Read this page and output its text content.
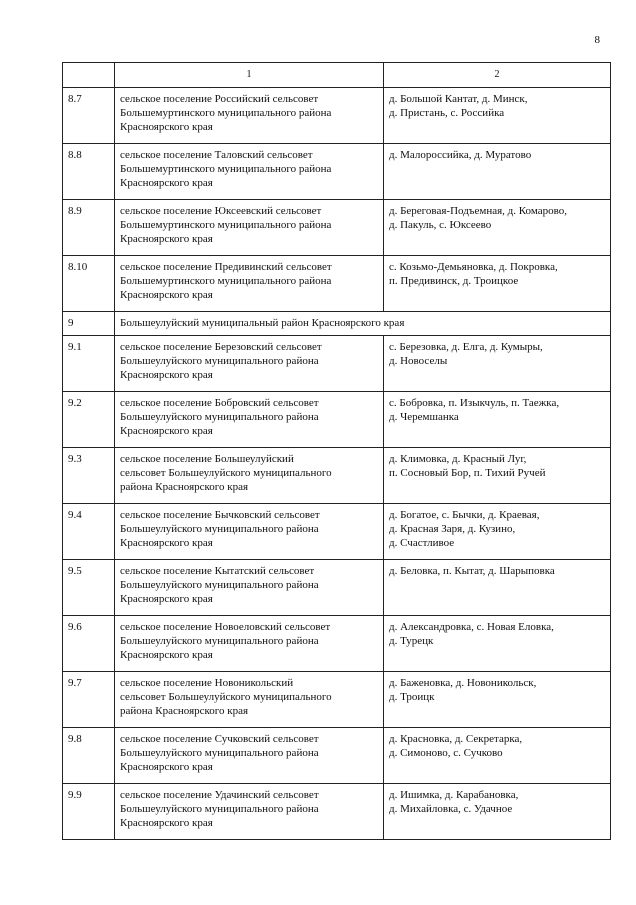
8
	1	2
8.7	сельское поселение Российский сельсовет
Большемуртинского муниципального района
Красноярского края	д. Большой Кантат, д. Минск,
д. Пристань, с. Российка

8.8	сельское поселение Таловский сельсовет
Большемуртинского муниципального района
Красноярского края	д. Малороссийка, д. Муратово

8.9	сельское поселение Юксеевский сельсовет
Большемуртинского муниципального района
Красноярского края	д. Береговая-Подъемная, д. Комарово,
д. Пакуль, с. Юксеево

8.10	сельское поселение Предивинский сельсовет
Большемуртинского муниципального района
Красноярского края	с. Козьмо-Демьяновка, д. Покровка,
п. Предивинск, д. Троицкое

9	Большеулуйский муниципальный район Красноярского края	
9.1	сельское поселение Березовский сельсовет
Большеулуйского муниципального района
Красноярского края	с. Березовка, д. Елга, д. Кумыры,
д. Новоселы

9.2	сельское поселение Бобровский сельсовет
Большеулуйского муниципального района
Красноярского края	с. Бобровка, п. Изыкчуль, п. Таежка,
д. Черемшанка

9.3	сельское поселение Большеулуйский
сельсовет Большеулуйского муниципального
района Красноярского края	д. Климовка, д. Красный Луг,
п. Сосновый Бор, п. Тихий Ручей

9.4	сельское поселение Бычковский сельсовет
Большеулуйского муниципального района
Красноярского края	д. Богатое, с. Бычки, д. Краевая,
д. Красная Заря, д. Кузино,
д. Счастливое

9.5	сельское поселение Кытатский сельсовет
Большеулуйского муниципального района
Красноярского края	д. Беловка, п. Кытат, д. Шарыповка

9.6	сельское поселение Новоеловский сельсовет
Большеулуйского муниципального района
Красноярского края	д. Александровка, с. Новая Еловка,
д. Турецк

9.7	сельское поселение Новоникольский
сельсовет Большеулуйского муниципального
района Красноярского края	д. Баженовка, д. Новоникольск,
д. Троицк

9.8	сельское поселение Сучковский сельсовет
Большеулуйского муниципального района
Красноярского края	д. Красновка, д. Секретарка,
д. Симоново, с. Сучково

9.9	сельское поселение Удачинский сельсовет
Большеулуйского муниципального района
Красноярского края	д. Ишимка, д. Карабановка,
д. Михайловка, с. Удачное
